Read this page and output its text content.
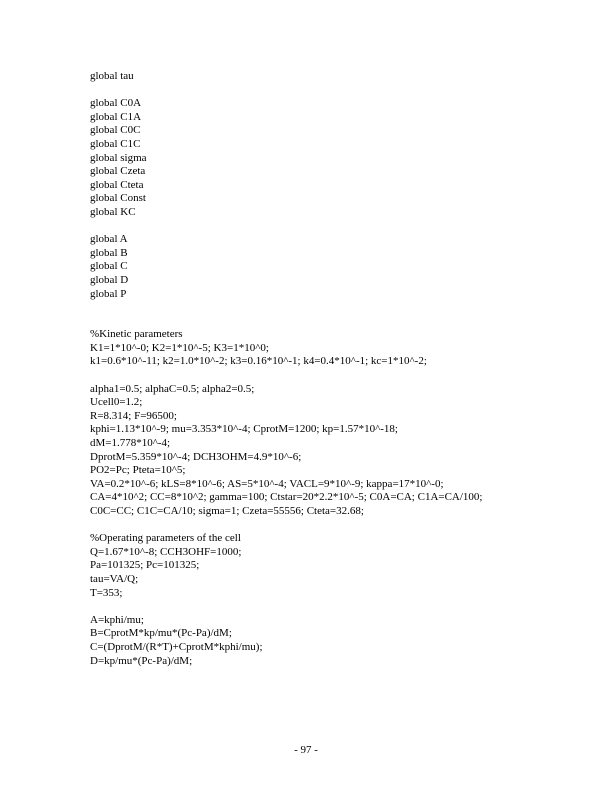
global tau
global C0A
global C1A
global C0C
global C1C
global sigma
global Czeta
global Cteta
global Const
global KC
global A
global B
global C
global D
global P
%Kinetic parameters
K1=1*10^-0; K2=1*10^-5; K3=1*10^0;
k1=0.6*10^-11; k2=1.0*10^-2; k3=0.16*10^-1; k4=0.4*10^-1; kc=1*10^-2;
alpha1=0.5; alphaC=0.5; alpha2=0.5;
Ucell0=1.2;
R=8.314; F=96500;
kphi=1.13*10^-9; mu=3.353*10^-4; CprotM=1200; kp=1.57*10^-18;
dM=1.778*10^-4;
DprotM=5.359*10^-4; DCH3OHM=4.9*10^-6;
PO2=Pc; Pteta=10^5;
VA=0.2*10^-6; kLS=8*10^-6; AS=5*10^-4; VACL=9*10^-9; kappa=17*10^-0;
CA=4*10^2; CC=8*10^2; gamma=100; Ctstar=20*2.2*10^-5; C0A=CA; C1A=CA/100;
C0C=CC; C1C=CA/10; sigma=1; Czeta=55556; Cteta=32.68;
%Operating parameters of the cell
Q=1.67*10^-8; CCH3OHF=1000;
Pa=101325; Pc=101325;
tau=VA/Q;
T=353;
A=kphi/mu;
B=CprotM*kp/mu*(Pc-Pa)/dM;
C=(DprotM/(R*T)+CprotM*kphi/mu);
D=kp/mu*(Pc-Pa)/dM;
- 97 -
